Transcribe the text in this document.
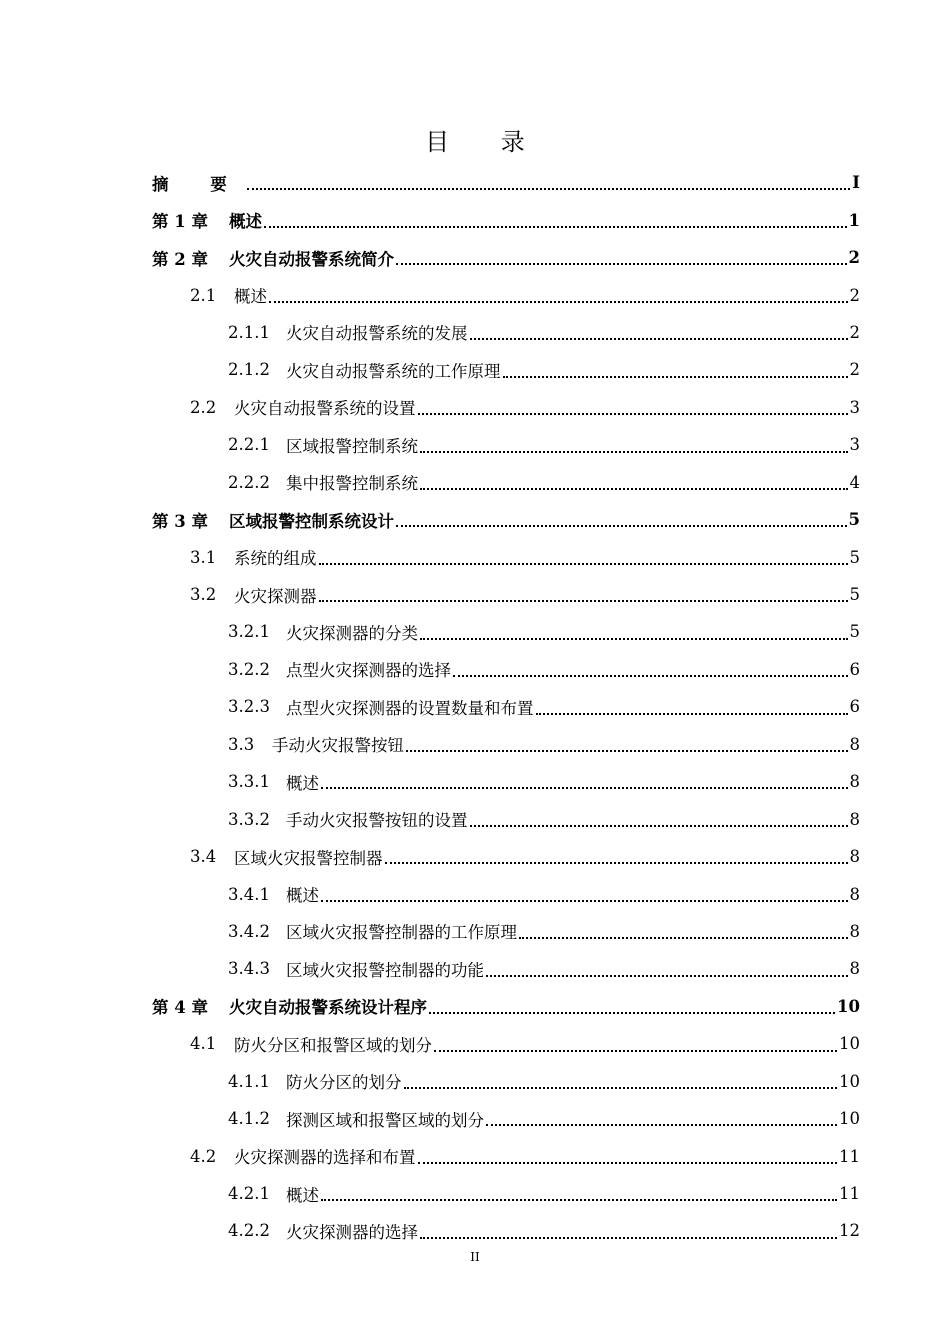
目 录
摘 要	I
第 1 章	概述	1
第 2 章	火灾自动报警系统简介	2
2.1	概述	2
2.1.1 火灾自动报警系统的发展	2
2.1.2 火灾自动报警系统的工作原理	2
2.2	火灾自动报警系统的设置	3
2.2.1 区域报警控制系统	3
2.2.2 集中报警控制系统	4
第 3 章	区域报警控制系统设计	5
3.1	系统的组成	5
3.2	火灾探测器	5
3.2.1 火灾探测器的分类	5
3.2.2 点型火灾探测器的选择	6
3.2.3 点型火灾探测器的设置数量和布置	6
3.3	手动火灾报警按钮	8
3.3.1 概述	8
3.3.2 手动火灾报警按钮的设置	8
3.4	区域火灾报警控制器	8
3.4.1 概述	8
3.4.2 区域火灾报警控制器的工作原理	8
3.4.3 区域火灾报警控制器的功能	8
第 4 章	火灾自动报警系统设计程序	10
4.1	防火分区和报警区域的划分	10
4.1.1 防火分区的划分	10
4.1.2 探测区域和报警区域的划分	10
4.2	火灾探测器的选择和布置	11
4.2.1 概述	11
4.2.2 火灾探测器的选择	12
II
